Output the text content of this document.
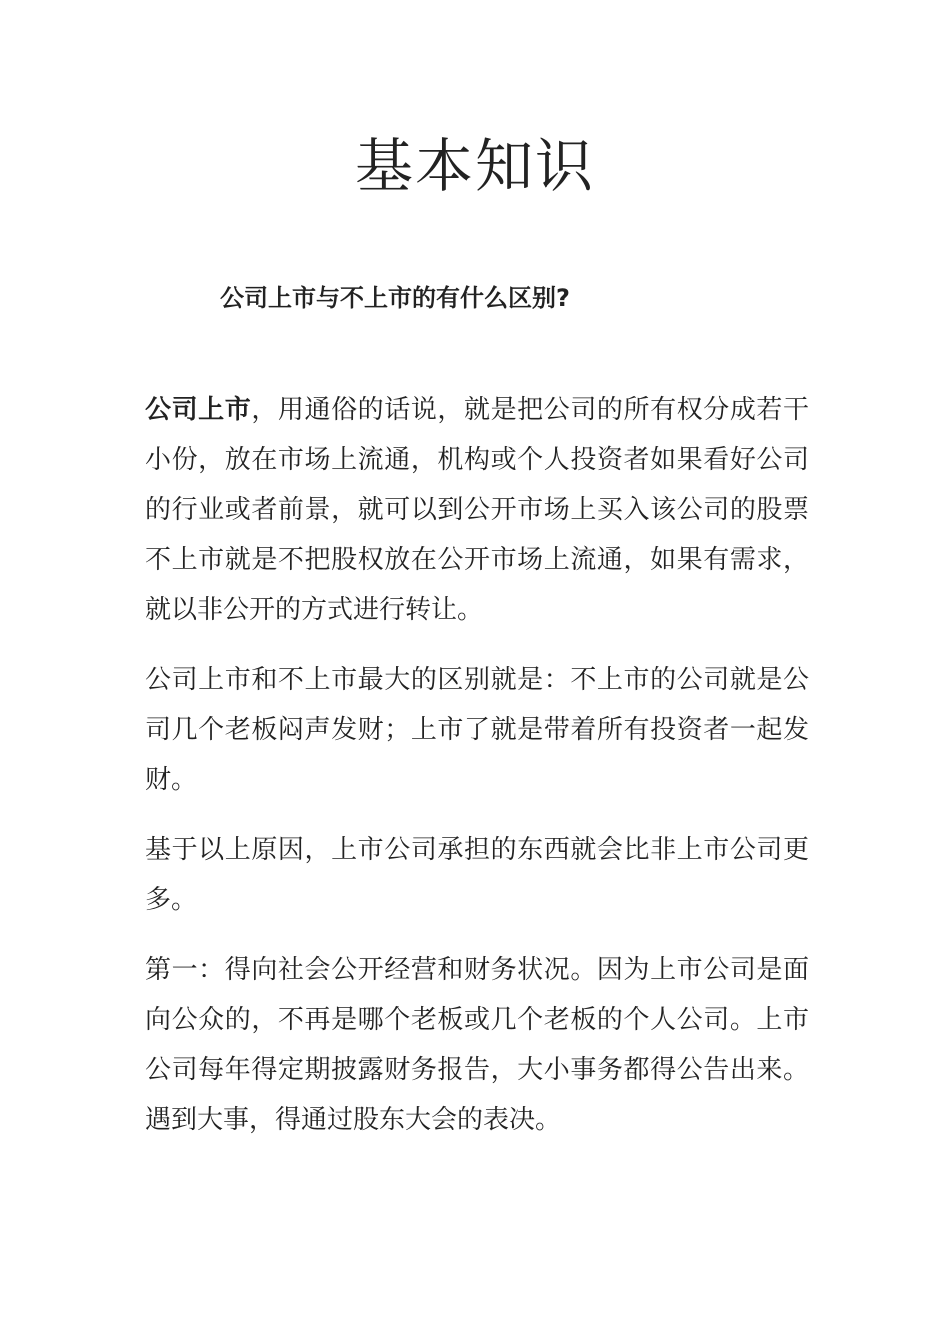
基本知识
公司上市与不上市的有什么区别?

公司上市，用通俗的话说，就是把公司的所有权分成若干小份，放在市场上流通，机构或个人投资者如果看好公司的行业或者前景，就可以到公开市场上买入该公司的股票不上市就是不把股权放在公开市场上流通，如果有需求，就以非公开的方式进行转让。

公司上市和不上市最大的区别就是：不上市的公司就是公司几个老板闷声发财；上市了就是带着所有投资者一起发财。

基于以上原因，上市公司承担的东西就会比非上市公司更多。

第一：得向社会公开经营和财务状况。因为上市公司是面向公众的，不再是哪个老板或几个老板的个人公司。上市公司每年得定期披露财务报告，大小事务都得公告出来。遇到大事，得通过股东大会的表决。
